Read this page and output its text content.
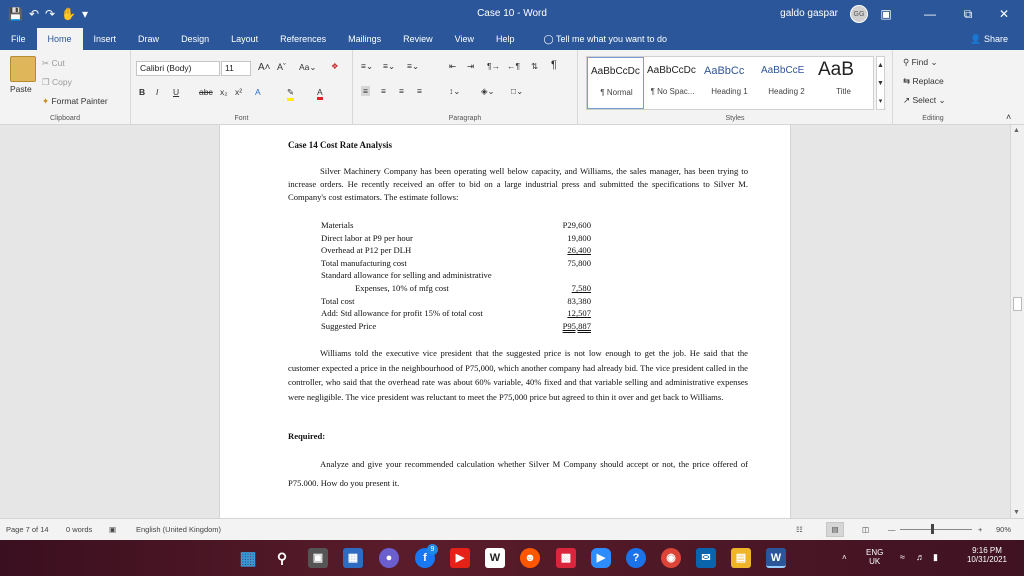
💾 ↶ ↷ ✋ ▾	Case 10 - Word	galdo gaspar	GG	▣	—	⧉	✕
File	Home	Insert	Draw	Design	Layout	References	Mailings	Review	View	Help	◯ Tell me what you want to do	👤 Share
Paste
✂ Cut
❐ Copy
✦ Format Painter
Clipboard
Calibri (Body)	11	A˄ Aˇ Aa⌄ ❖
B I U abc x₂ x² A	✎	A
Font
≡⌄ ≡⌄ ≡⌄	⇤ ⇥ ¶→ ←¶ ⇅ ¶
≡ ≡ ≡ ≡	↕⌄ ◈⌄ □⌄
Paragraph
AaBbCcDc
¶ Normal
AaBbCcDc
¶ No Spac...
AaBbCc
Heading 1
AaBbCcE
Heading 2
AaB
Title
▲
▼
▾
Styles
⚲ Find ⌄
⇆ Replace
↗ Select ⌄
Editing	˄
Case 14 Cost Rate Analysis
Silver Machinery Company has been operating well below capacity, and Williams, the sales manager, has been trying to increase orders. He recently received an offer to bid on a large industrial press and submitted the specifications to Silver M. Company's cost estimators. The estimate follows:
Materials	P29,600
Direct labor at P9 per hour	19,800
Overhead at P12 per DLH	26,400
Total manufacturing cost	75,800
Standard allowance for selling and administrative
Expenses, 10% of mfg cost	7,580
Total cost	83,380
Add: Std allowance for profit 15% of total cost	12,507
Suggested Price	P95,887
Williams told the executive vice president that the suggested price is not low enough to get the job. He said that the customer expected a price in the neighbourhood of P75,000, which another company had already bid. The vice president called in the controller, who said that the overhead rate was about 60% variable, 40% fixed and that variable selling and administrative expenses were negligible. The vice president was reluctant to meet the P75,000 price but agreed to thin it over and get back to Williams.
Required:
Analyze and give your recommended calculation whether Silver M Company should accept or not, the price offered of P75.000. How do you present it.
▲
▼
Page 7 of 14 0 words ▣	English (United Kingdom)	☷	▤	◫	—	+ 90%
▦	⚲	▣	▦	●	f
9
▶	W	☻	▩	▶	?	◉	✉	▤	W	˄
ENG
UK	≈ ♬ ▮
9:16 PM
10/31/2021
